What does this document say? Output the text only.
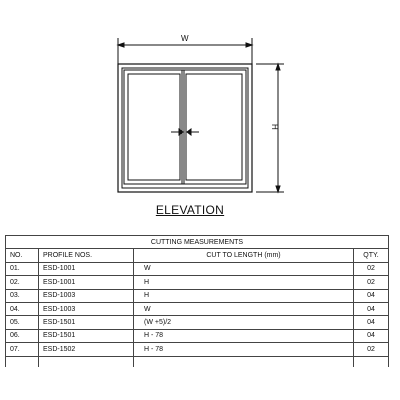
W
H
ELEVATION
CUTTING MEASUREMENTS			
NO.	PROFILE NOS.	CUT TO LENGTH (mm)	QTY.
01.	ESD-1001	W	02
02.	ESD-1001	H	02
03.	ESD-1003	H	04
04.	ESD-1003	W	04
05.	ESD-1501	(W +5)/2	04
06.	ESD-1501	H - 78	04
07.	ESD-1502	H - 78	02
